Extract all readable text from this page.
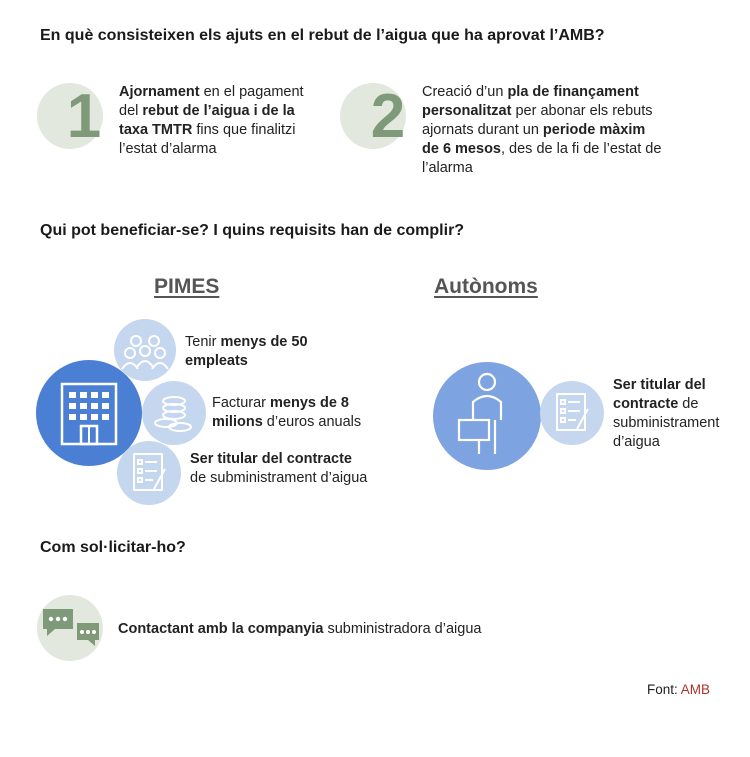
En què consisteixen els ajuts en el rebut de l’aigua que ha aprovat l’AMB?
1	Ajornament en el pagament del rebut de l’aigua i de la taxa TMTR fins que finalitzi l’estat d’alarma	2	Creació d’un pla de finançament personalitzat per abonar els rebuts ajornats durant un periode màxim de 6 mesos, des de la fi de l’estat de l’alarma
Qui pot beneficiar-se? I quins requisits han de complir?
PIMES
Tenir menys de 50 empleats
Facturar menys de 8 milions d’euros anuals
Ser titular del contracte de subministrament d’aigua
Autònoms
Ser titular del contracte de subministrament d’aigua
Com sol·licitar-ho?
Contactant amb la companyia subministradora d’aigua
Font: AMB
